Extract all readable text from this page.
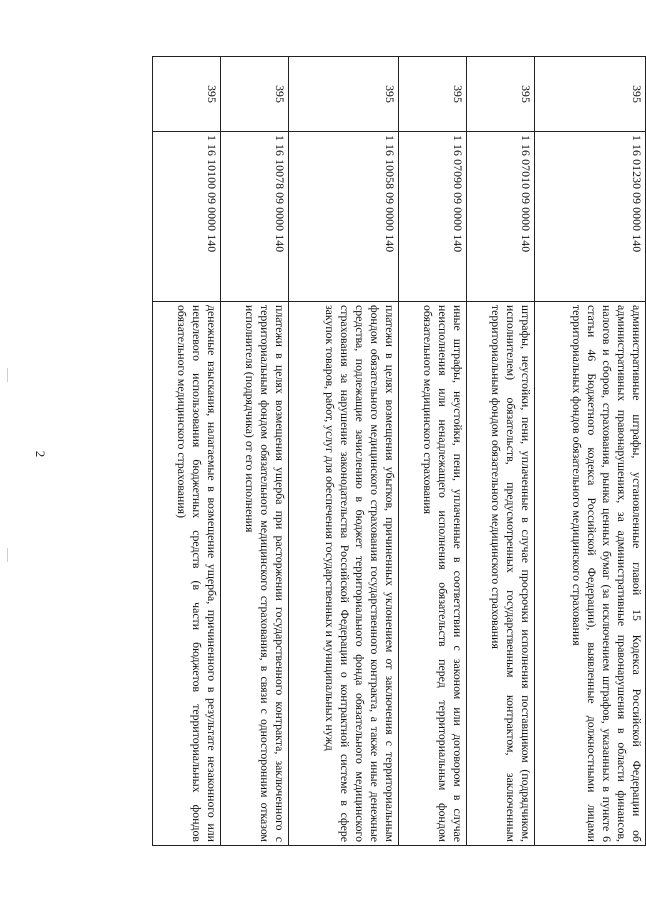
2
395	1 16 01230 09 0000 140	административные штрафы, установленные главой 15 Кодекса Российской Федерации об административных правонарушениях, за административные правонарушения в области финансов, налогов и сборов, страхования, рынка ценных бумаг (за исключением штрафов, указанных в пункте 6 статьи 46 Бюджетного кодекса Российской Федерации), выявленные должностными лицами территориальных фондов обязательного медицинского страхования
395	1 16 07010 09 0000 140	штрафы, неустойки, пени, уплаченные в случае просрочки исполнения поставщиком (подрядчиком, исполнителем) обязательств, предусмотренных государственным контрактом, заключенным территориальным фондом обязательного медицинского страхования
395	1 16 07090 09 0000 140	иные штрафы, неустойки, пени, уплаченные в соответствии с законом или договором в случае неисполнения или ненадлежащего исполнения обязательств перед территориальным фондом обязательного медицинского страхования
395	1 16 10058 09 0000 140	платежи в целях возмещения убытков, причиненных уклонением от заключения с территориальным фондом обязательного медицинского страхования государственного контракта, а также иные денежные средства, подлежащие зачислению в бюджет территориального фонда обязательного медицинского страхования за нарушение законодательства Российской Федерации о контрактной системе в сфере закупок товаров, работ, услуг для обеспечения государственных и муниципальных нужд
395	1 16 10078 09 0000 140	платежи в целях возмещения ущерба при расторжении государственного контракта, заключенного с территориальным фондом обязательного медицинского страхования, в связи с односторонним отказом исполнителя (подрядчика) от его исполнения
395	1 16 10100 09 0000 140	денежные взыскания, налагаемые в возмещение ущерба, причиненного в результате незаконного или нецелевого использования бюджетных средств (в части бюджетов территориальных фондов обязательного медицинского страхования)
